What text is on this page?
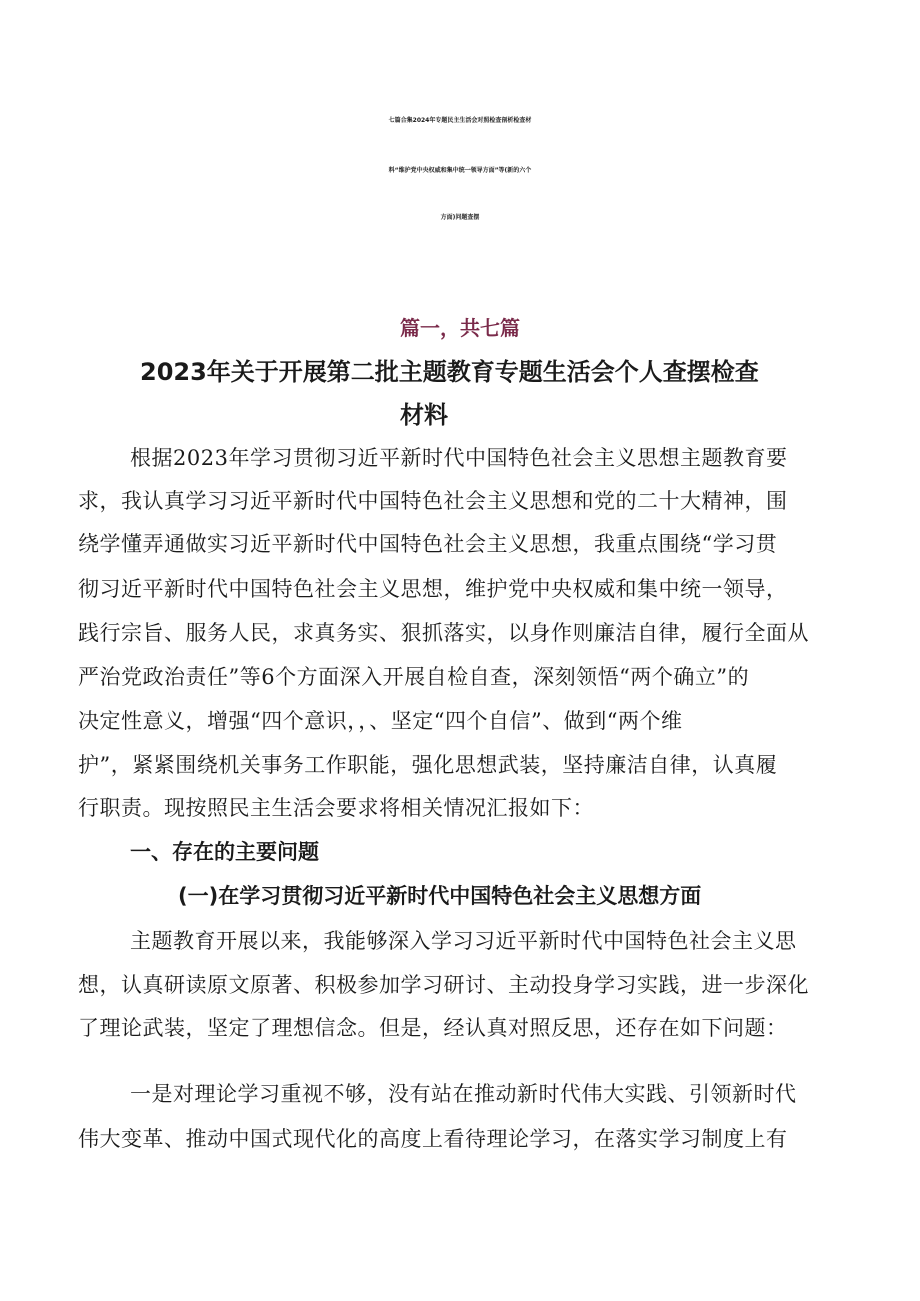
七篇合集2024年专题民主生活会对照检查剖析检查材
料“维护党中央权威和集中统一领导方面”等(新的六个
方面)问题查摆
篇一，共七篇
2023年关于开展第二批主题教育专题生活会个人查摆检查
材料
根据2023年学习贯彻习近平新时代中国特色社会主义思想主题教育要
求，我认真学习习近平新时代中国特色社会主义思想和党的二十大精神，围
绕学懂弄通做实习近平新时代中国特色社会主义思想，我重点围绕“学习贯
彻习近平新时代中国特色社会主义思想，维护党中央权威和集中统一领导，
践行宗旨、服务人民，求真务实、狠抓落实，以身作则廉洁自律，履行全面从
严治党政治责任”等6个方面深入开展自检自查，深刻领悟“两个确立”的
决定性意义，增强“四个意识，，、坚定“四个自信”、做到“两个维
护”，紧紧围绕机关事务工作职能，强化思想武装，坚持廉洁自律，认真履
行职责。现按照民主生活会要求将相关情况汇报如下：
一、存在的主要问题
(一)在学习贯彻习近平新时代中国特色社会主义思想方面
主题教育开展以来，我能够深入学习习近平新时代中国特色社会主义思
想，认真研读原文原著、积极参加学习研讨、主动投身学习实践，进一步深化
了理论武装，坚定了理想信念。但是，经认真对照反思，还存在如下问题：
一是对理论学习重视不够，没有站在推动新时代伟大实践、引领新时代
伟大变革、推动中国式现代化的高度上看待理论学习，在落实学习制度上有
